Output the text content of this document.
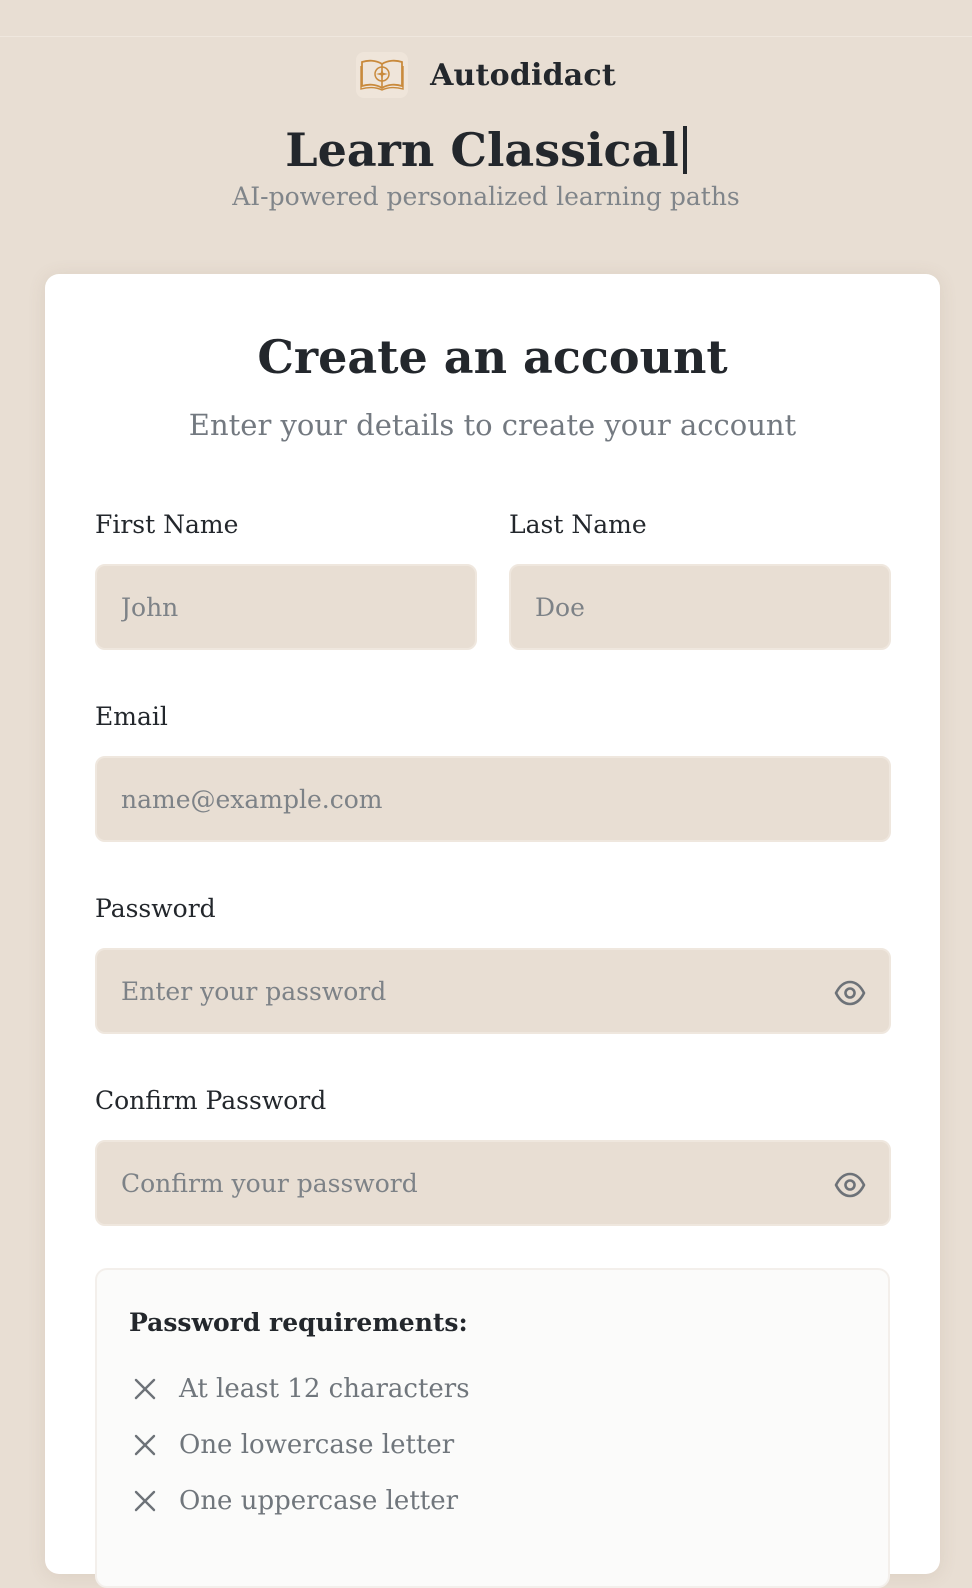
Autodidact
Learn Classical
AI-powered personalized learning paths
Create an account
Enter your details to create your account
First Name
John	Last Name
Doe
Email
name@example.com
Password
Confirm Password
Password requirements:
At least 12 characters
One lowercase letter
One uppercase letter
